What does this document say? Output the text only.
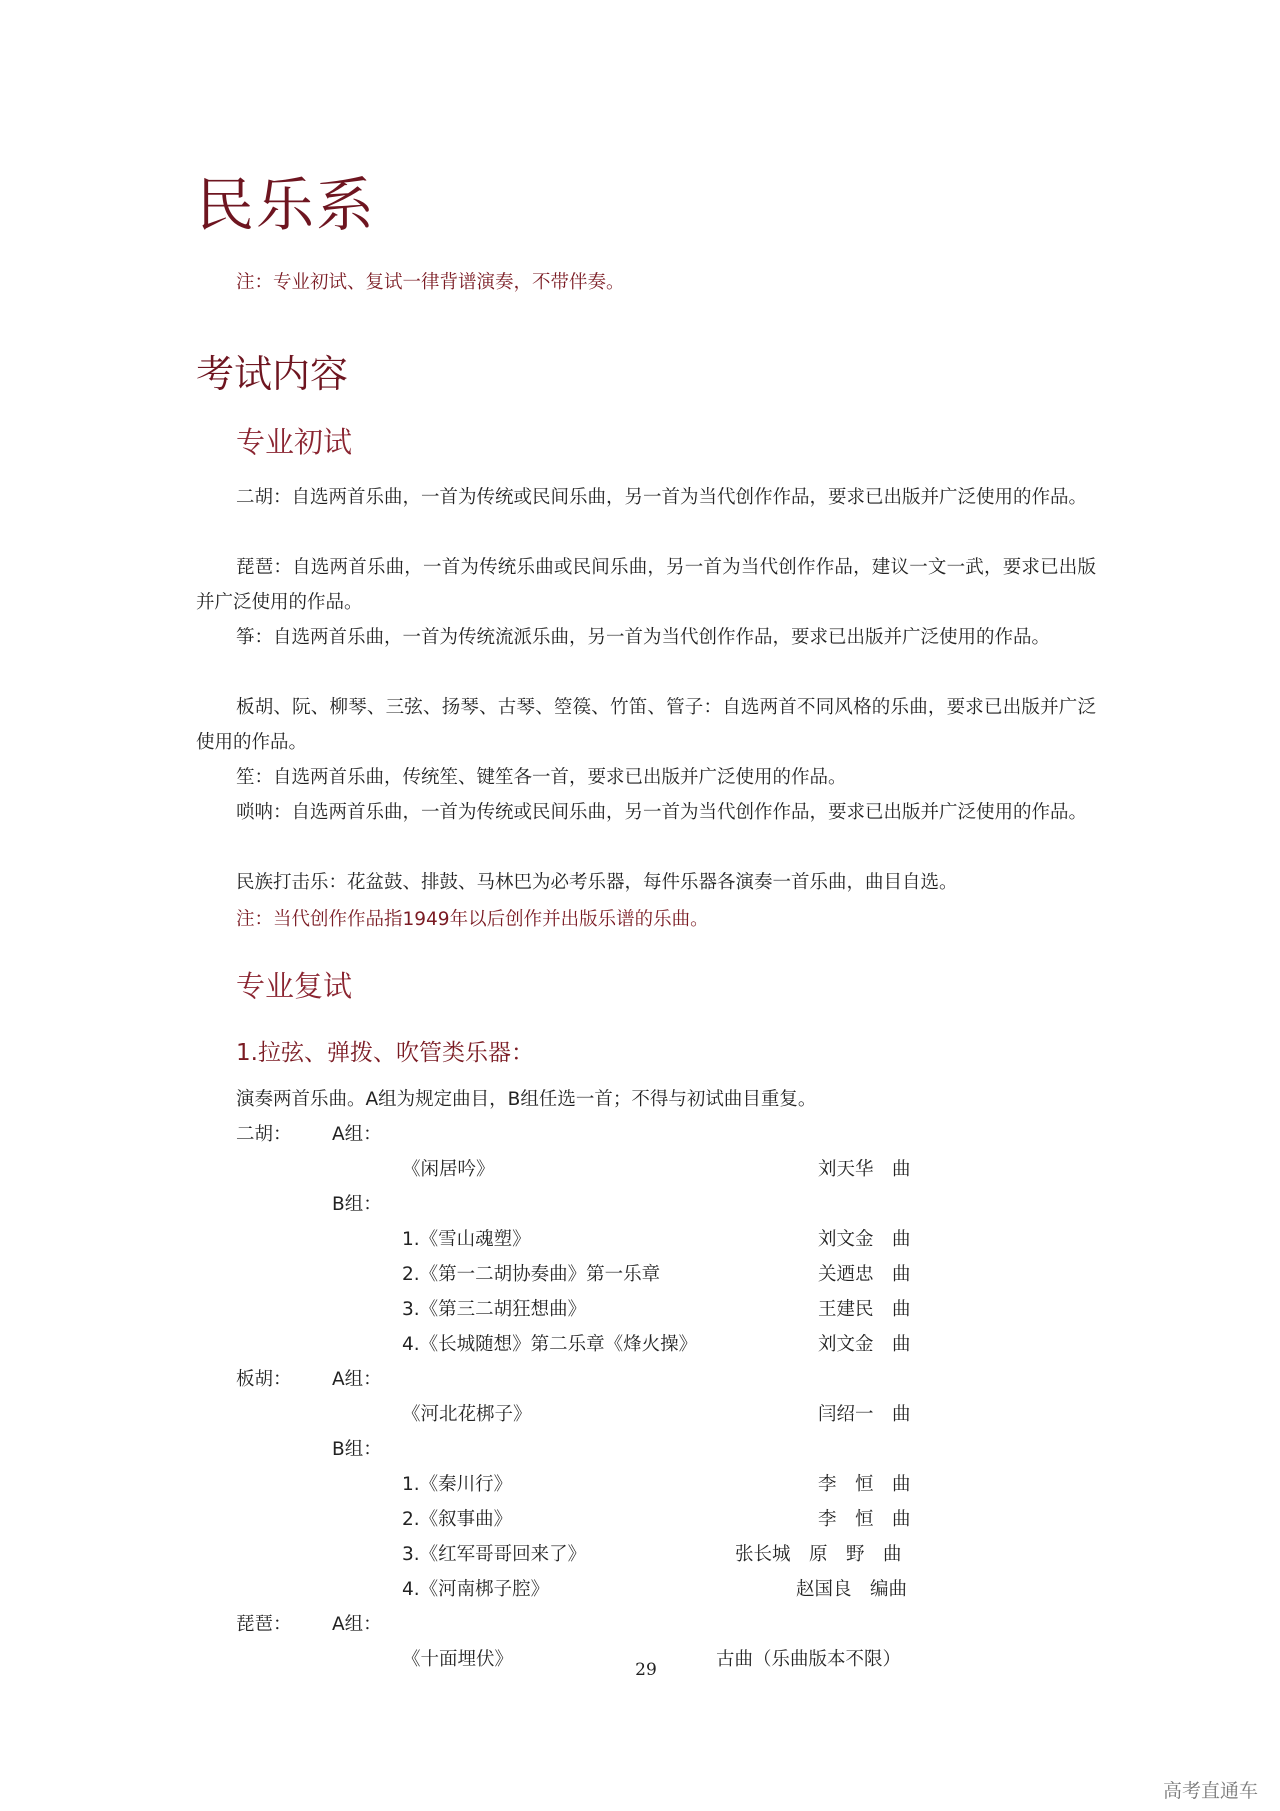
民乐系
注：专业初试、复试一律背谱演奏，不带伴奏。
考试内容
专业初试

二胡：自选两首乐曲，一首为传统或民间乐曲，另一首为当代创作作品，要求已出版并广泛使用的作品。

琵琶：自选两首乐曲，一首为传统乐曲或民间乐曲，另一首为当代创作作品，建议一文一武，要求已出版并广泛使用的作品。

筝：自选两首乐曲，一首为传统流派乐曲，另一首为当代创作作品，要求已出版并广泛使用的作品。

板胡、阮、柳琴、三弦、扬琴、古琴、箜篌、竹笛、管子：自选两首不同风格的乐曲，要求已出版并广泛使用的作品。

笙：自选两首乐曲，传统笙、键笙各一首，要求已出版并广泛使用的作品。

唢呐：自选两首乐曲，一首为传统或民间乐曲，另一首为当代创作作品，要求已出版并广泛使用的作品。

民族打击乐：花盆鼓、排鼓、马林巴为必考乐器，每件乐器各演奏一首乐曲，曲目自选。

注：当代创作作品指1949年以后创作并出版乐谱的乐曲。
专业复试
1.拉弦、弹拨、吹管类乐器：
演奏两首乐曲。A组为规定曲目，B组任选一首；不得与初试曲目重复。
二胡： A组：
《闲居吟》	刘天华　曲
B组：
1.《雪山魂塑》	刘文金　曲
2.《第一二胡协奏曲》第一乐章	关迺忠　曲
3.《第三二胡狂想曲》	王建民　曲
4.《长城随想》第二乐章《烽火操》	刘文金　曲
板胡： A组：
《河北花梆子》	闫绍一　曲
B组：
1.《秦川行》	李　恒　曲
2.《叙事曲》	李　恒　曲
3.《红军哥哥回来了》	张长城　原　野　曲
4.《河南梆子腔》	赵国良　编曲
琵琶： A组：
《十面埋伏》	古曲（乐曲版本不限）
29
高考直通车
